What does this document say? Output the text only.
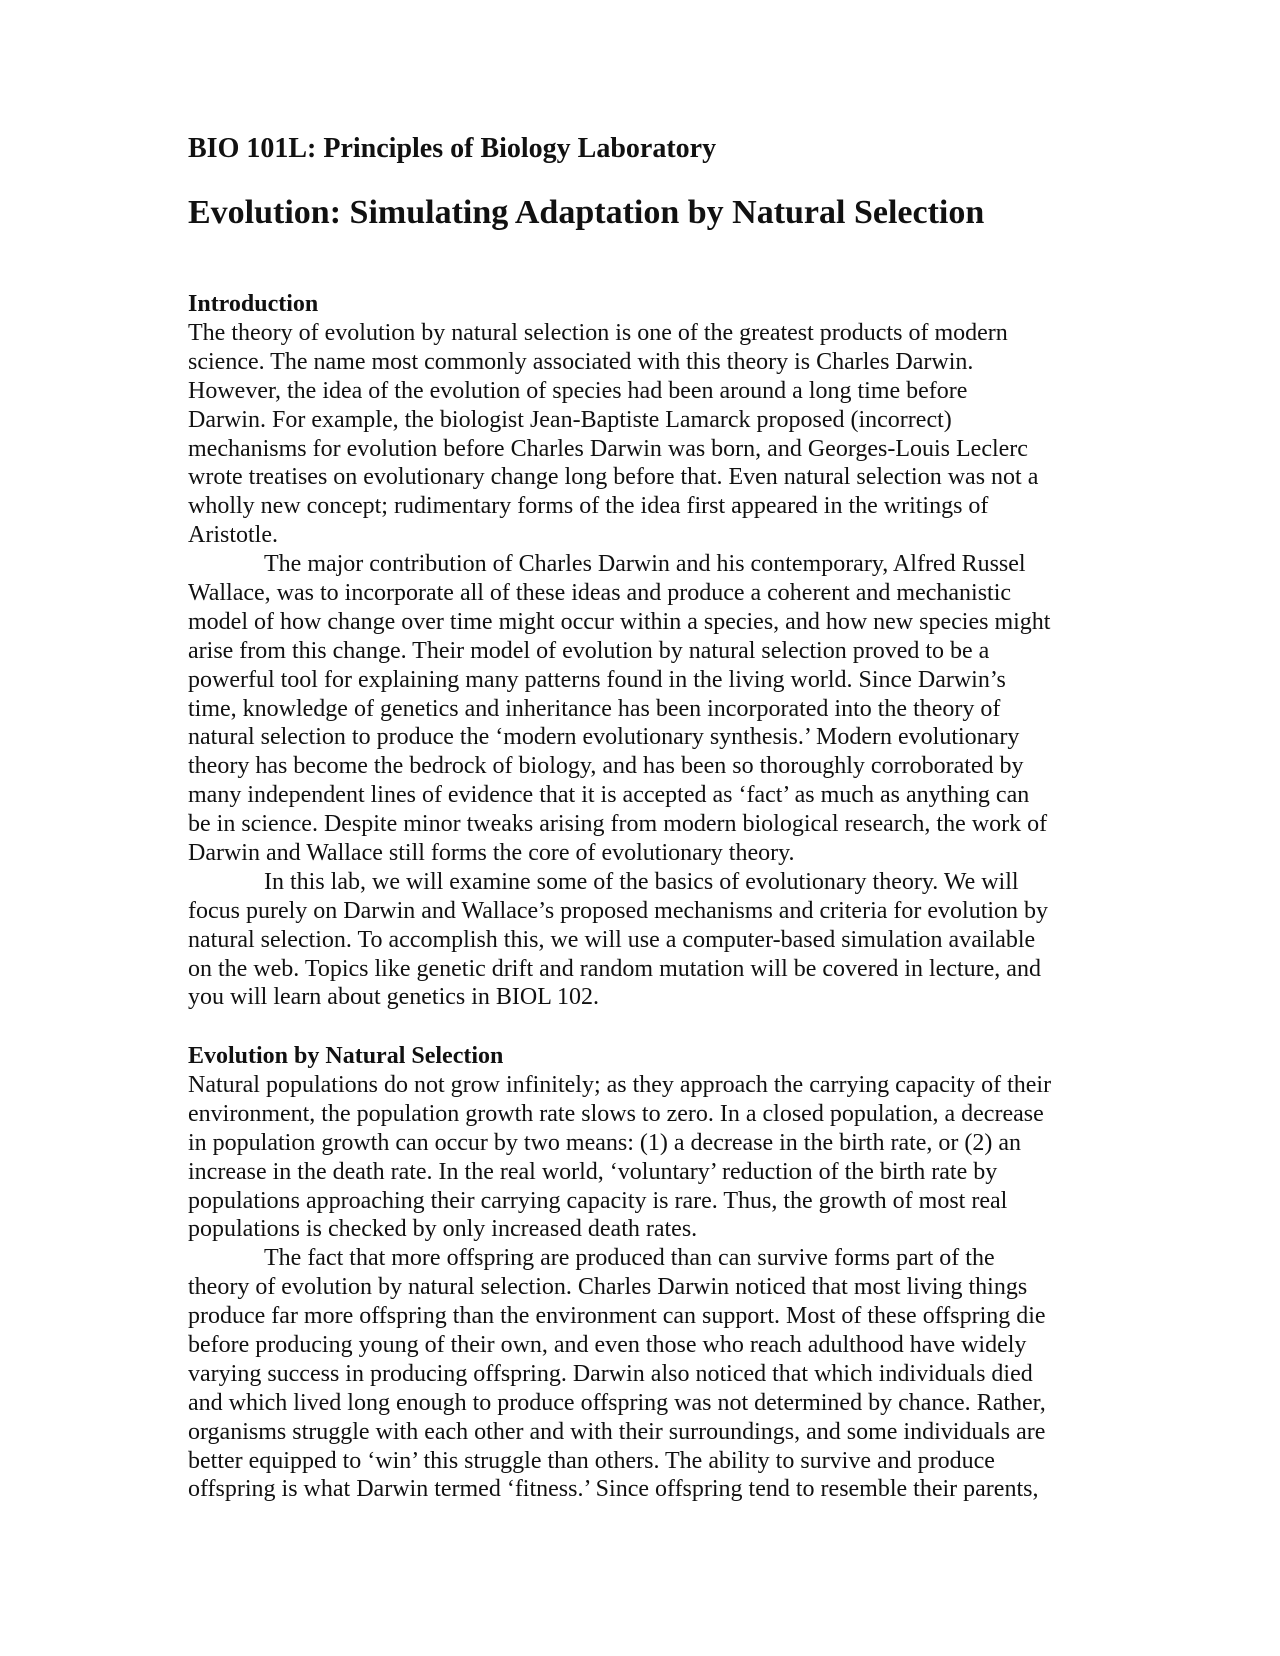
BIO 101L: Principles of Biology Laboratory
Evolution: Simulating Adaptation by Natural Selection
Introduction

The theory of evolution by natural selection is one of the greatest products of modern
science. The name most commonly associated with this theory is Charles Darwin.
However, the idea of the evolution of species had been around a long time before
Darwin. For example, the biologist Jean-Baptiste Lamarck proposed (incorrect)
mechanisms for evolution before Charles Darwin was born, and Georges-Louis Leclerc
wrote treatises on evolutionary change long before that. Even natural selection was not a
wholly new concept; rudimentary forms of the idea first appeared in the writings of
Aristotle.

The major contribution of Charles Darwin and his contemporary, Alfred Russel
Wallace, was to incorporate all of these ideas and produce a coherent and mechanistic
model of how change over time might occur within a species, and how new species might
arise from this change. Their model of evolution by natural selection proved to be a
powerful tool for explaining many patterns found in the living world. Since Darwin’s
time, knowledge of genetics and inheritance has been incorporated into the theory of
natural selection to produce the ‘modern evolutionary synthesis.’ Modern evolutionary
theory has become the bedrock of biology, and has been so thoroughly corroborated by
many independent lines of evidence that it is accepted as ‘fact’ as much as anything can
be in science. Despite minor tweaks arising from modern biological research, the work of
Darwin and Wallace still forms the core of evolutionary theory.

In this lab, we will examine some of the basics of evolutionary theory. We will
focus purely on Darwin and Wallace’s proposed mechanisms and criteria for evolution by
natural selection. To accomplish this, we will use a computer-based simulation available
on the web. Topics like genetic drift and random mutation will be covered in lecture, and
you will learn about genetics in BIOL 102.

Evolution by Natural Selection

Natural populations do not grow infinitely; as they approach the carrying capacity of their
environment, the population growth rate slows to zero. In a closed population, a decrease
in population growth can occur by two means: (1) a decrease in the birth rate, or (2) an
increase in the death rate. In the real world, ‘voluntary’ reduction of the birth rate by
populations approaching their carrying capacity is rare. Thus, the growth of most real
populations is checked by only increased death rates.

The fact that more offspring are produced than can survive forms part of the
theory of evolution by natural selection. Charles Darwin noticed that most living things
produce far more offspring than the environment can support. Most of these offspring die
before producing young of their own, and even those who reach adulthood have widely
varying success in producing offspring. Darwin also noticed that which individuals died
and which lived long enough to produce offspring was not determined by chance. Rather,
organisms struggle with each other and with their surroundings, and some individuals are
better equipped to ‘win’ this struggle than others. The ability to survive and produce
offspring is what Darwin termed ‘fitness.’ Since offspring tend to resemble their parents,
